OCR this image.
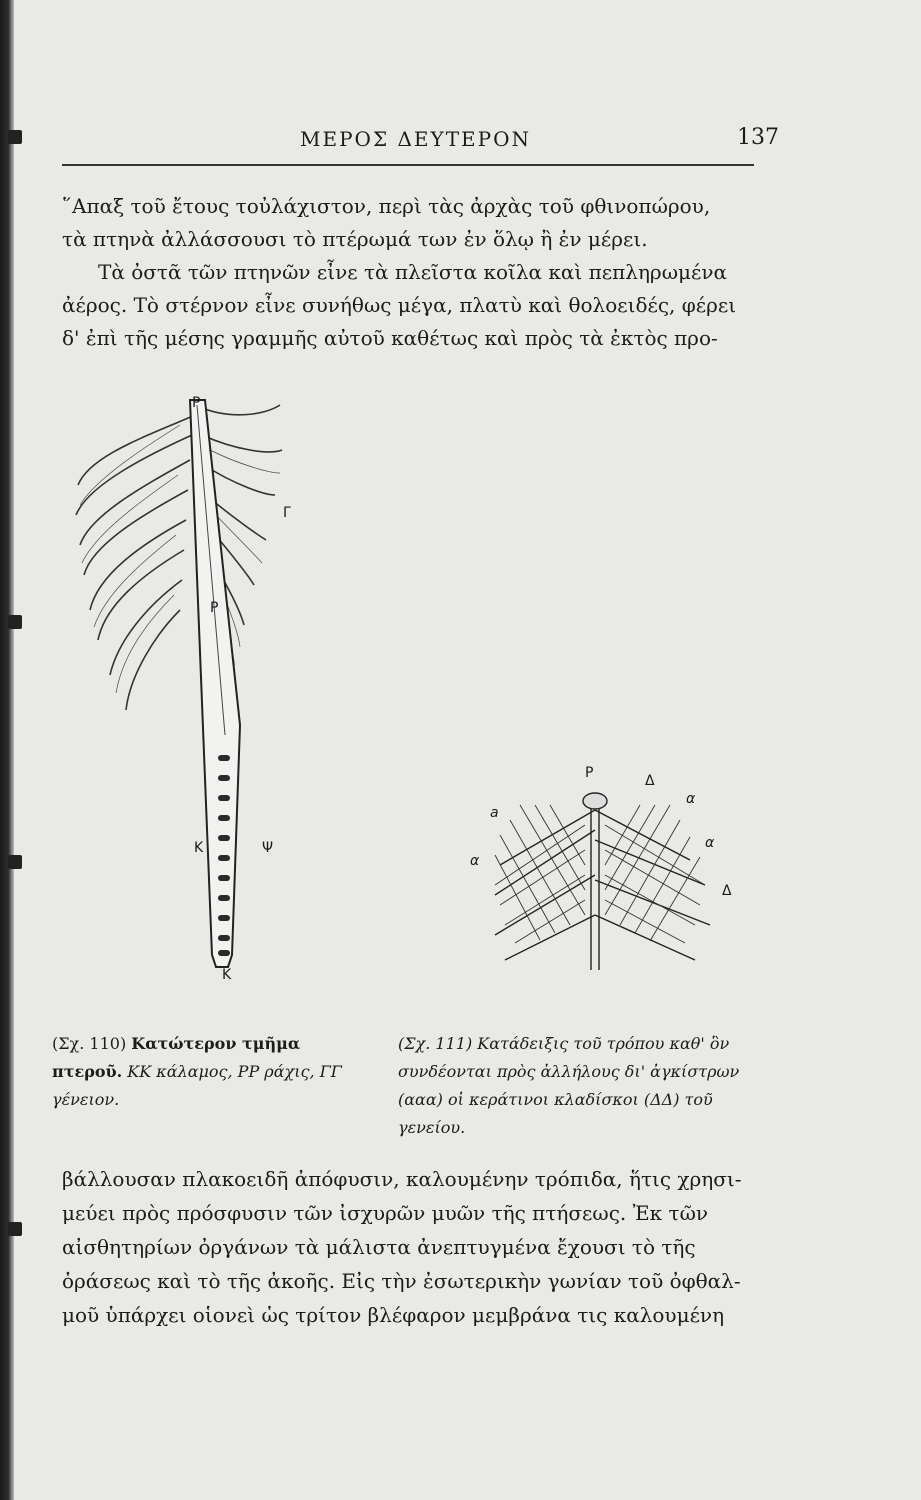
ΜΕΡΟΣ ΔΕΥΤΕΡΟΝ	137
῞Απαξ τοῦ ἔτους τοὐλάχιστον, περὶ τὰς ἀρχὰς τοῦ φθινοπώρου,
τὰ πτηνὰ ἀλλάσσουσι τὸ πτέρωμά των ἐν ὅλῳ ἢ ἐν μέρει.
Τὰ ὀστᾶ τῶν πτηνῶν εἶνε τὰ πλεῖστα κοῖλα καὶ πεπληρωμένα
ἀέρος. Τὸ στέρνον εἶνε συνήθως μέγα, πλατὺ καὶ θολοειδές, φέρει
δ' ἐπὶ τῆς μέσης γραμμῆς αὐτοῦ καθέτως καὶ πρὸς τὰ ἐκτὸς προ-
P
Γ
P
K	Ψ
K
P	Δ
a
α
α
α
Δ
(Σχ. 110) Κατώτερον τμῆμα πτεροῦ. ΚΚ κάλαμος, ΡΡ ράχις, ΓΓ γένειον.
(Σχ. 111) Κατάδειξις τοῦ τρόπου καθ' ὃν συνδέονται πρὸς ἀλλήλους δι' ἀγκίστρων (ααα) οἱ κεράτινοι κλαδίσκοι (ΔΔ) τοῦ γενείου.
βάλλουσαν πλακοειδῆ ἀπόφυσιν, καλουμένην τρόπιδα, ἥτις χρησι-
μεύει πρὸς πρόσφυσιν τῶν ἰσχυρῶν μυῶν τῆς πτήσεως. Ἐκ τῶν
αἰσθητηρίων ὀργάνων τὰ μάλιστα ἀνεπτυγμένα ἔχουσι τὸ τῆς
ὁράσεως καὶ τὸ τῆς ἀκοῆς. Εἰς τὴν ἐσωτερικὴν γωνίαν τοῦ ὀφθαλ-
μοῦ ὑπάρχει οἱονεὶ ὡς τρίτον βλέφαρον μεμβράνα τις καλουμένη
